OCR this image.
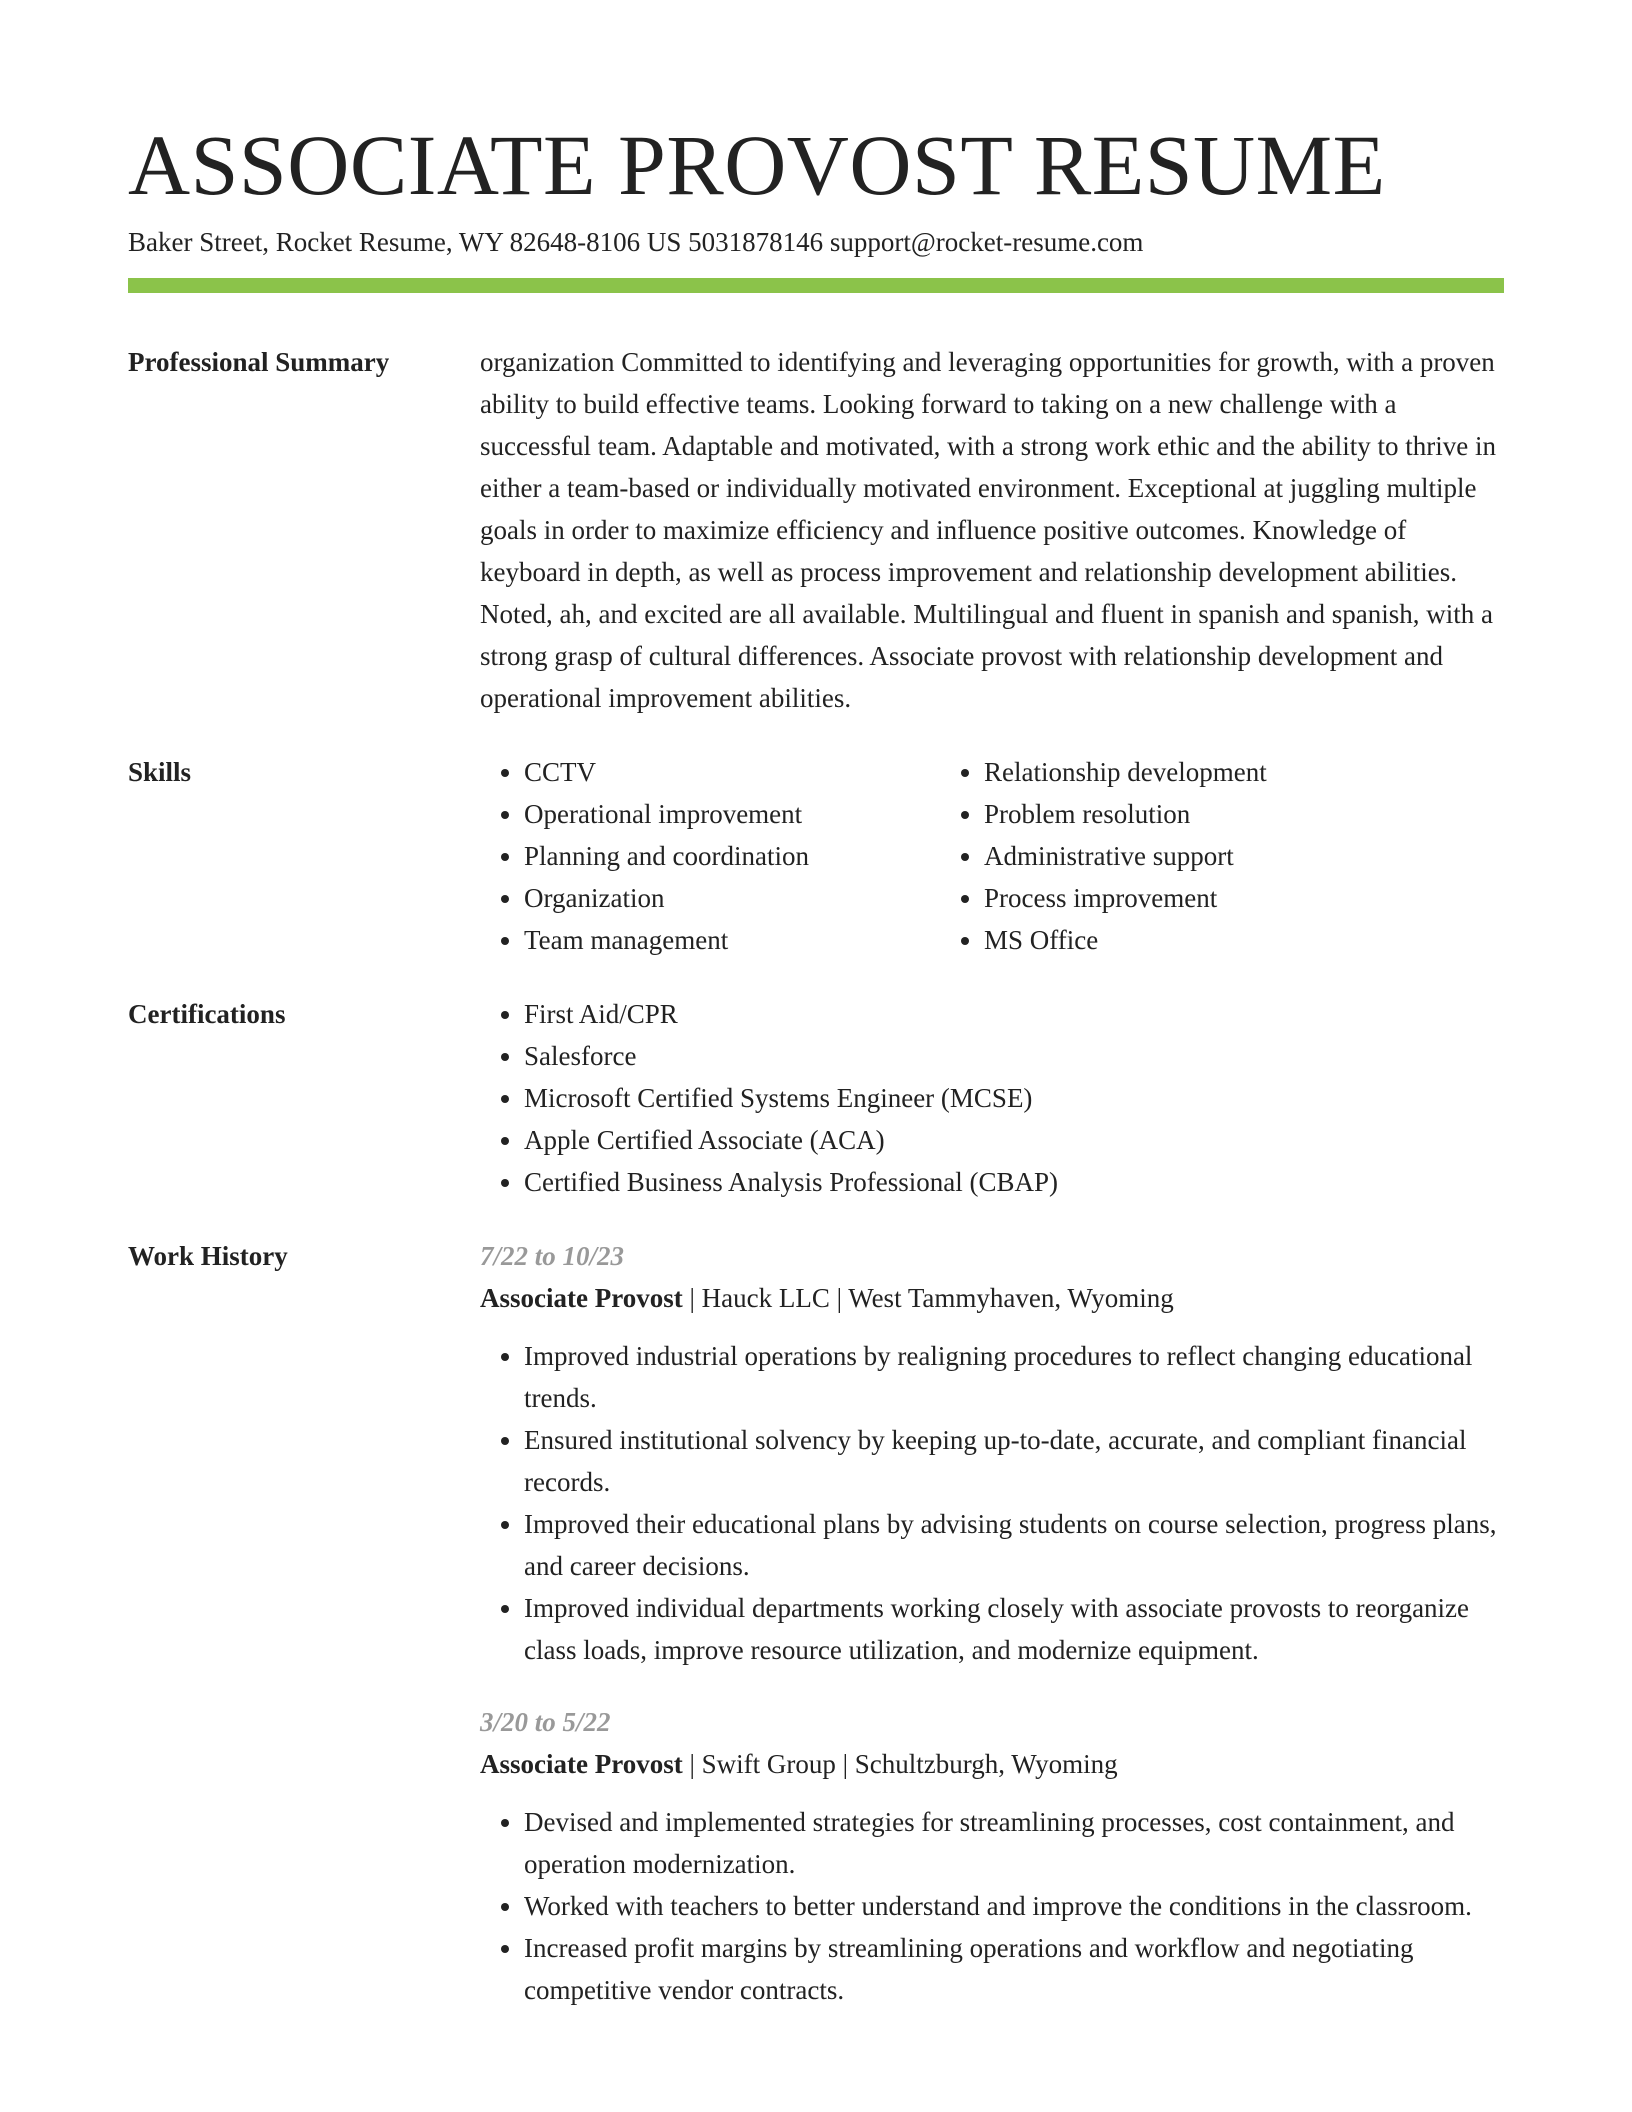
ASSOCIATE PROVOST RESUME
Baker Street, Rocket Resume, WY 82648-8106 US 5031878146 support@rocket-resume.com
Professional Summary	organization Committed to identifying and leveraging opportunities for growth, with a proven ability to build effective teams. Looking forward to taking on a new challenge with a successful team. Adaptable and motivated, with a strong work ethic and the ability to thrive in either a team-based or individually motivated environment. Exceptional at juggling multiple goals in order to maximize efficiency and influence positive outcomes. Knowledge of keyboard in depth, as well as process improvement and relationship development abilities. Noted, ah, and excited are all available. Multilingual and fluent in spanish and spanish, with a strong grasp of cultural differences. Associate provost with relationship development and operational improvement abilities.
Skills	• CCTV
• Operational improvement
• Planning and coordination
• Organization
• Team management
• Relationship development
• Problem resolution
• Administrative support
• Process improvement
• MS Office
Certifications	• First Aid/CPR
• Salesforce
• Microsoft Certified Systems Engineer (MCSE)
• Apple Certified Associate (ACA)
• Certified Business Analysis Professional (CBAP)
Work History	7/22 to 10/23
Associate Provost | Hauck LLC | West Tammyhaven, Wyoming
• Improved industrial operations by realigning procedures to reflect changing educational trends.
• Ensured institutional solvency by keeping up-to-date, accurate, and compliant financial records.
• Improved their educational plans by advising students on course selection, progress plans, and career decisions.
• Improved individual departments working closely with associate provosts to reorganize class loads, improve resource utilization, and modernize equipment.
3/20 to 5/22
Associate Provost | Swift Group | Schultzburgh, Wyoming
• Devised and implemented strategies for streamlining processes, cost containment, and operation modernization.
• Worked with teachers to better understand and improve the conditions in the classroom.
• Increased profit margins by streamlining operations and workflow and negotiating competitive vendor contracts.
